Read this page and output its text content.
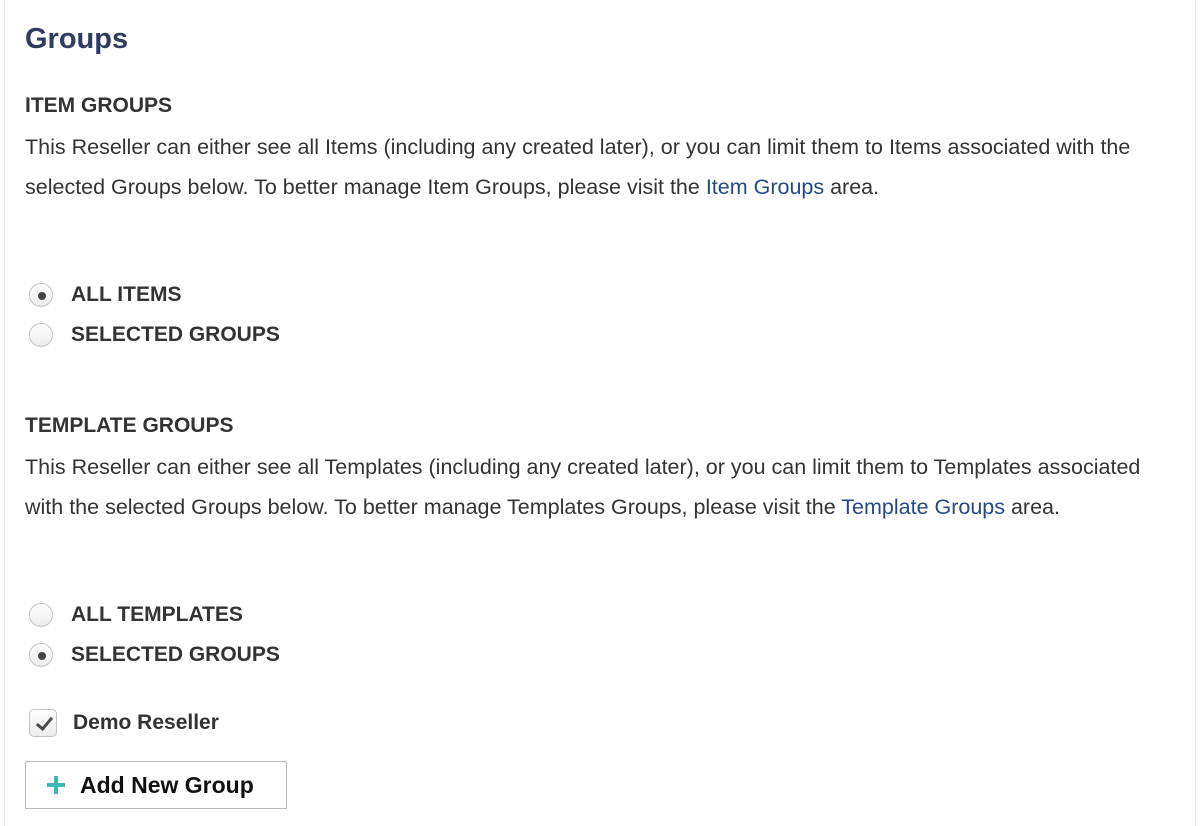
Groups
ITEM GROUPS

This Reseller can either see all Items (including any created later), or you can limit them to Items associated with the selected Groups below. To better manage Item Groups, please visit the Item Groups area.

ALL ITEMS
SELECTED GROUPS
TEMPLATE GROUPS

This Reseller can either see all Templates (including any created later), or you can limit them to Templates associated with the selected Groups below. To better manage Templates Groups, please visit the Template Groups area.

ALL TEMPLATES
SELECTED GROUPS
Demo Reseller
Add New Group
